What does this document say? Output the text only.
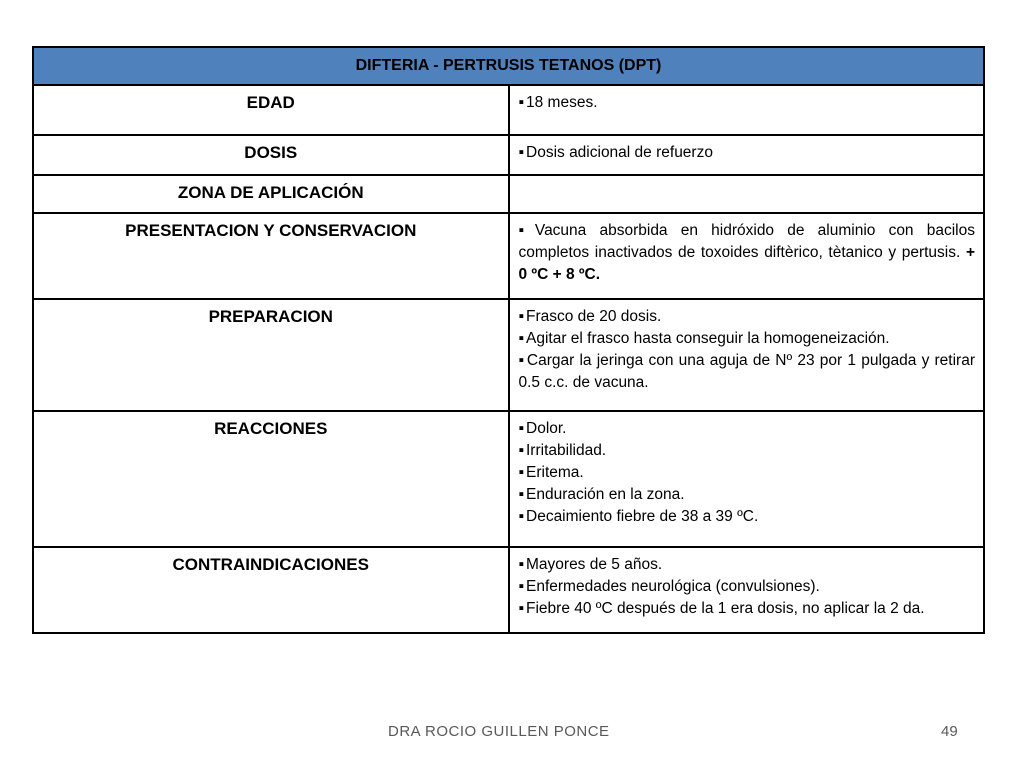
DIFTERIA - PERTRUSIS TETANOS (DPT)	
EDAD	▪ 18 meses.

DOSIS	▪ Dosis adicional de refuerzo

ZONA DE APLICACIÓN	
PRESENTACION Y CONSERVACION	▪ Vacuna absorbida en hidróxido de aluminio con bacilos completos inactivados de toxoides diftèrico, tètanico y pertusis. + 0 ºC + 8 ºC.

PREPARACION	▪ Frasco de 20 dosis.
▪ Agitar el frasco hasta conseguir la homogeneización.
▪ Cargar la jeringa con una aguja de Nº 23 por 1 pulgada y retirar 0.5 c.c. de vacuna.

REACCIONES	▪ Dolor.
▪ Irritabilidad.
▪ Eritema.
▪ Enduración en la zona.
▪ Decaimiento fiebre de 38 a 39 ºC.

CONTRAINDICACIONES	▪ Mayores de 5 años.
▪ Enfermedades neurológica (convulsiones).
▪ Fiebre 40 ºC después de la 1 era dosis, no aplicar la 2 da.
DRA ROCIO GUILLEN PONCE	49
